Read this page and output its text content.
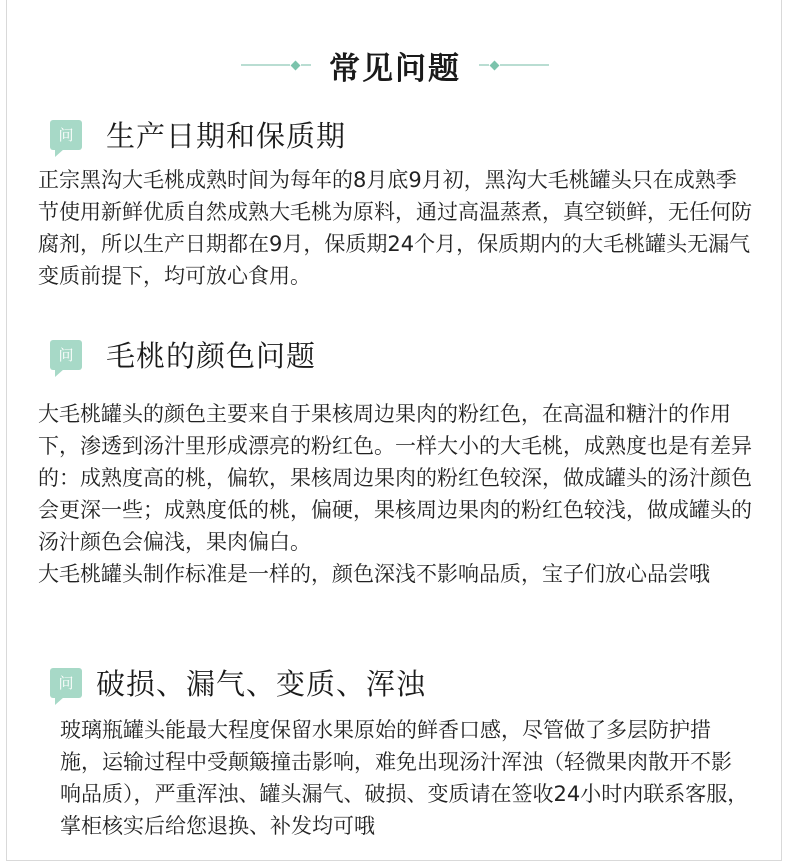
常见问题
问 生产日期和保质期

正宗黑沟大毛桃成熟时间为每年的8月底9月初，黑沟大毛桃罐头只在成熟季节使用新鲜优质自然成熟大毛桃为原料，通过高温蒸煮，真空锁鲜，无任何防腐剂，所以生产日期都在9月，保质期24个月，保质期内的大毛桃罐头无漏气变质前提下，均可放心食用。

问 毛桃的颜色问题

大毛桃罐头的颜色主要来自于果核周边果肉的粉红色，在高温和糖汁的作用下，渗透到汤汁里形成漂亮的粉红色。一样大小的大毛桃，成熟度也是有差异的：成熟度高的桃，偏软，果核周边果肉的粉红色较深，做成罐头的汤汁颜色会更深一些；成熟度低的桃，偏硬，果核周边果肉的粉红色较浅，做成罐头的汤汁颜色会偏浅，果肉偏白。

大毛桃罐头制作标准是一样的，颜色深浅不影响品质，宝子们放心品尝哦

问 破损、漏气、变质、浑浊

玻璃瓶罐头能最大程度保留水果原始的鲜香口感，尽管做了多层防护措施，运输过程中受颠簸撞击影响，难免出现汤汁浑浊（轻微果肉散开不影响品质），严重浑浊、罐头漏气、破损、变质请在签收24小时内联系客服，掌柜核实后给您退换、补发均可哦
